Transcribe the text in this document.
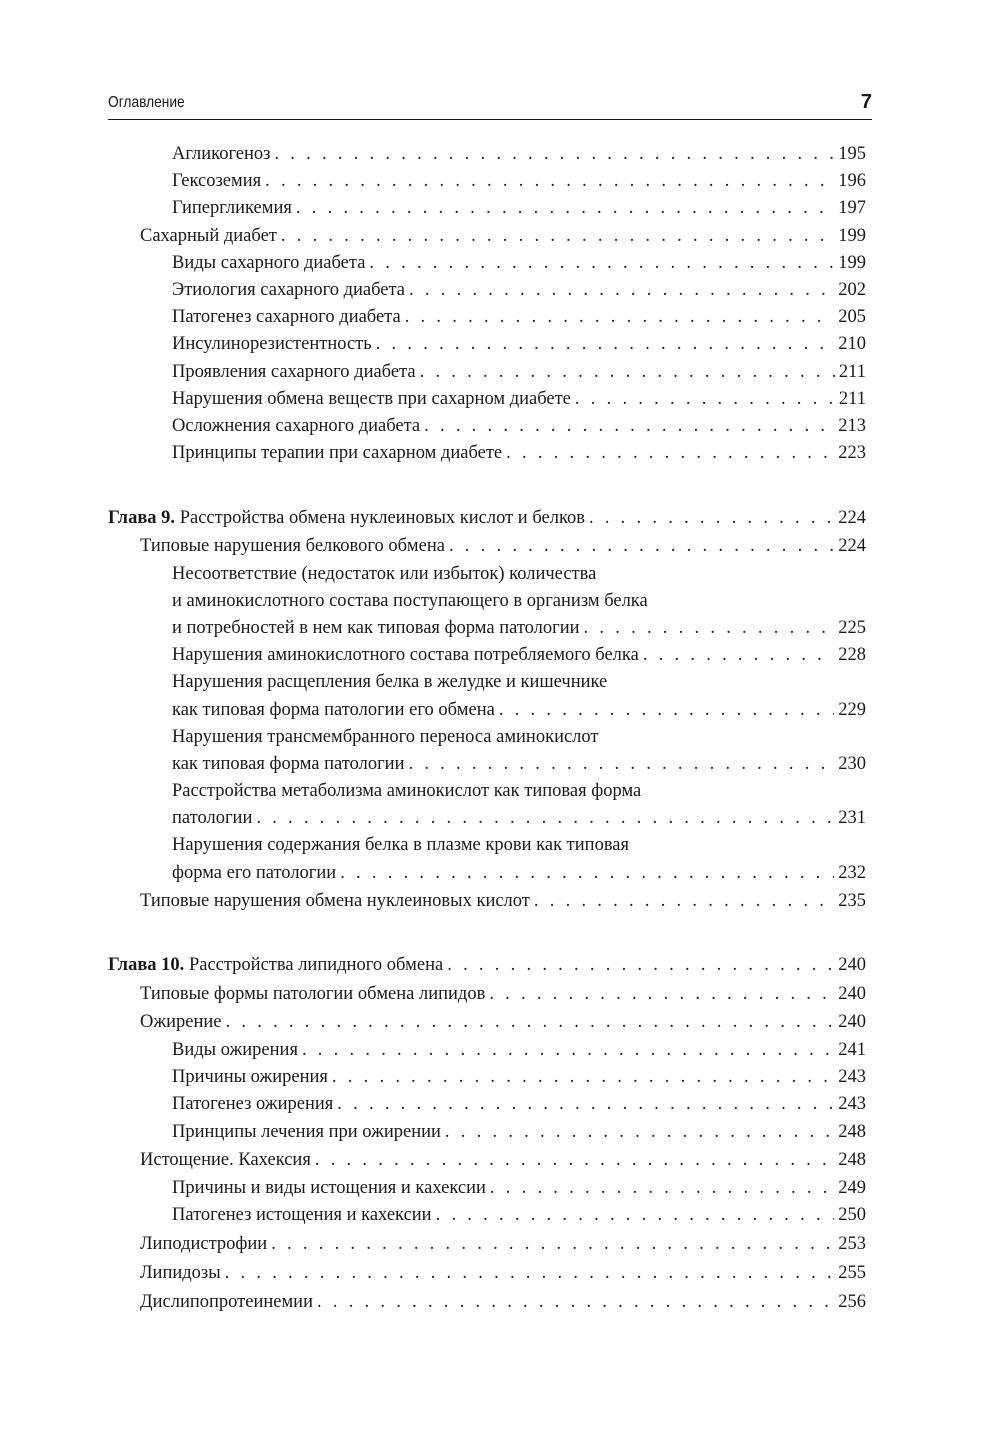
Оглавление	7
Агликогеноз . . .	195
Гексоземия . . .	196
Гипергликемия . . .	197
Сахарный диабет . . .	199
Виды сахарного диабета . . .	199
Этиология сахарного диабета . . .	202
Патогенез сахарного диабета . . .	205
Инсулинорезистентность . . .	210
Проявления сахарного диабета . . .	211
Нарушения обмена веществ при сахарном диабете . . .	211
Осложнения сахарного диабета . . .	213
Принципы терапии при сахарном диабете . . .	223
Глава 9. Расстройства обмена нуклеиновых кислот и белков . . .	224
Типовые нарушения белкового обмена . . .	224
Несоответствие (недостаток или избыток) количества
и аминокислотного состава поступающего в организм белка
и потребностей в нем как типовая форма патологии . . .	225
Нарушения аминокислотного состава потребляемого белка . . .	228
Нарушения расщепления белка в желудке и кишечнике
как типовая форма патологии его обмена . . .	229
Нарушения трансмембранного переноса аминокислот
как типовая форма патологии . . .	230
Расстройства метаболизма аминокислот как типовая форма
патологии . . .	231
Нарушения содержания белка в плазме крови как типовая
форма его патологии . . .	232
Типовые нарушения обмена нуклеиновых кислот . . .	235
Глава 10. Расстройства липидного обмена . . .	240
Типовые формы патологии обмена липидов . . .	240
Ожирение . . .	240
Виды ожирения . . .	241
Причины ожирения . . .	243
Патогенез ожирения . . .	243
Принципы лечения при ожирении . . .	248
Истощение. Кахексия . . .	248
Причины и виды истощения и кахексии . . .	249
Патогенез истощения и кахексии . . .	250
Липодистрофии . . .	253
Липидозы . . .	255
Дислипопротеинемии . . .	256
